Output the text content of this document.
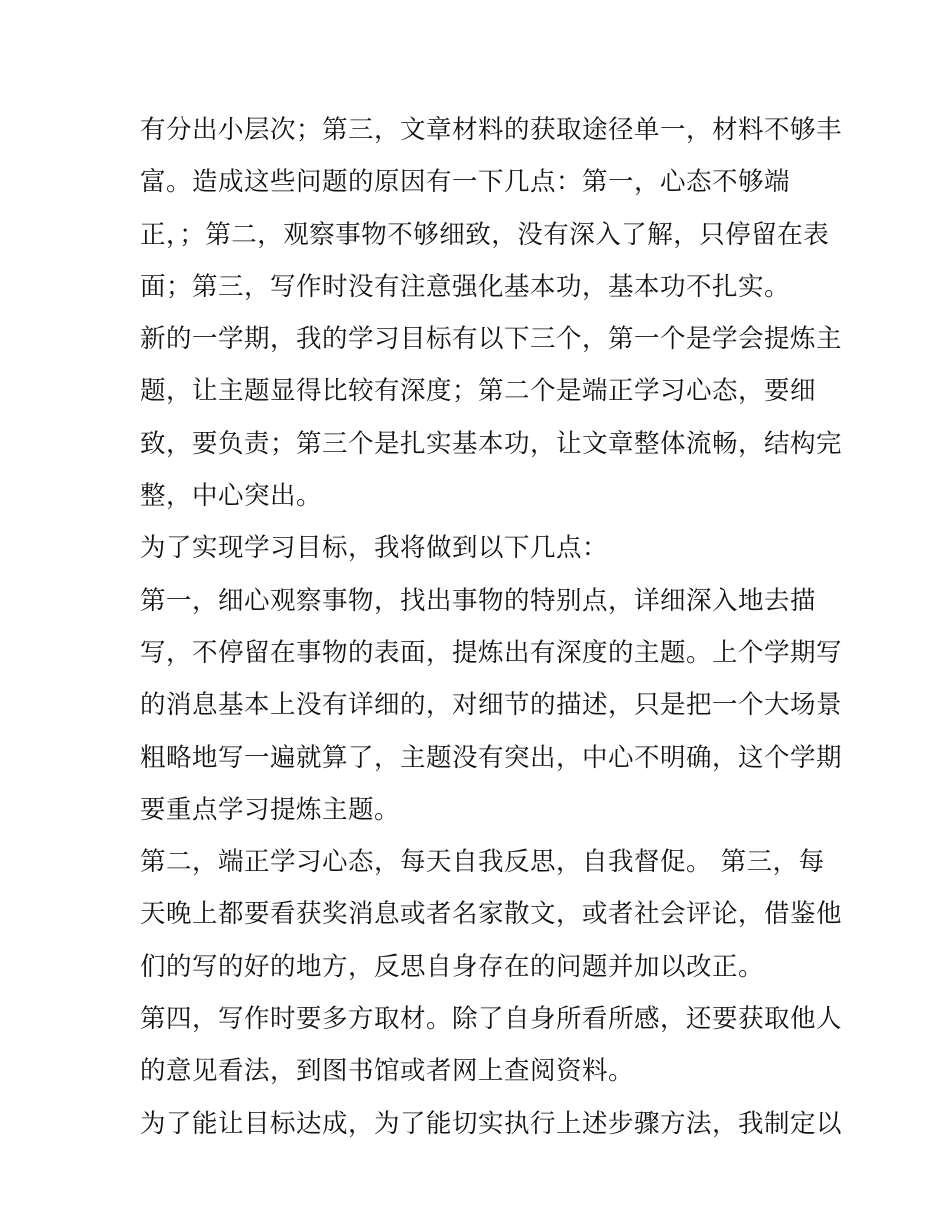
有分出小层次；第三，文章材料的获取途径单一，材料不够丰
富。造成这些问题的原因有一下几点：第一，心态不够端
正，；第二，观察事物不够细致，没有深入了解，只停留在表
面；第三，写作时没有注意强化基本功，基本功不扎实。
新的一学期，我的学习目标有以下三个，第一个是学会提炼主
题，让主题显得比较有深度；第二个是端正学习心态，要细
致，要负责；第三个是扎实基本功，让文章整体流畅，结构完
整，中心突出。
为了实现学习目标，我将做到以下几点：
第一，细心观察事物，找出事物的特别点，详细深入地去描
写，不停留在事物的表面，提炼出有深度的主题。上个学期写
的消息基本上没有详细的，对细节的描述，只是把一个大场景
粗略地写一遍就算了，主题没有突出，中心不明确，这个学期
要重点学习提炼主题。
第二，端正学习心态，每天自我反思，自我督促。 第三，每
天晚上都要看获奖消息或者名家散文，或者社会评论，借鉴他
们的写的好的地方，反思自身存在的问题并加以改正。
第四，写作时要多方取材。除了自身所看所感，还要获取他人
的意见看法，到图书馆或者网上查阅资料。
为了能让目标达成，为了能切实执行上述步骤方法，我制定以
